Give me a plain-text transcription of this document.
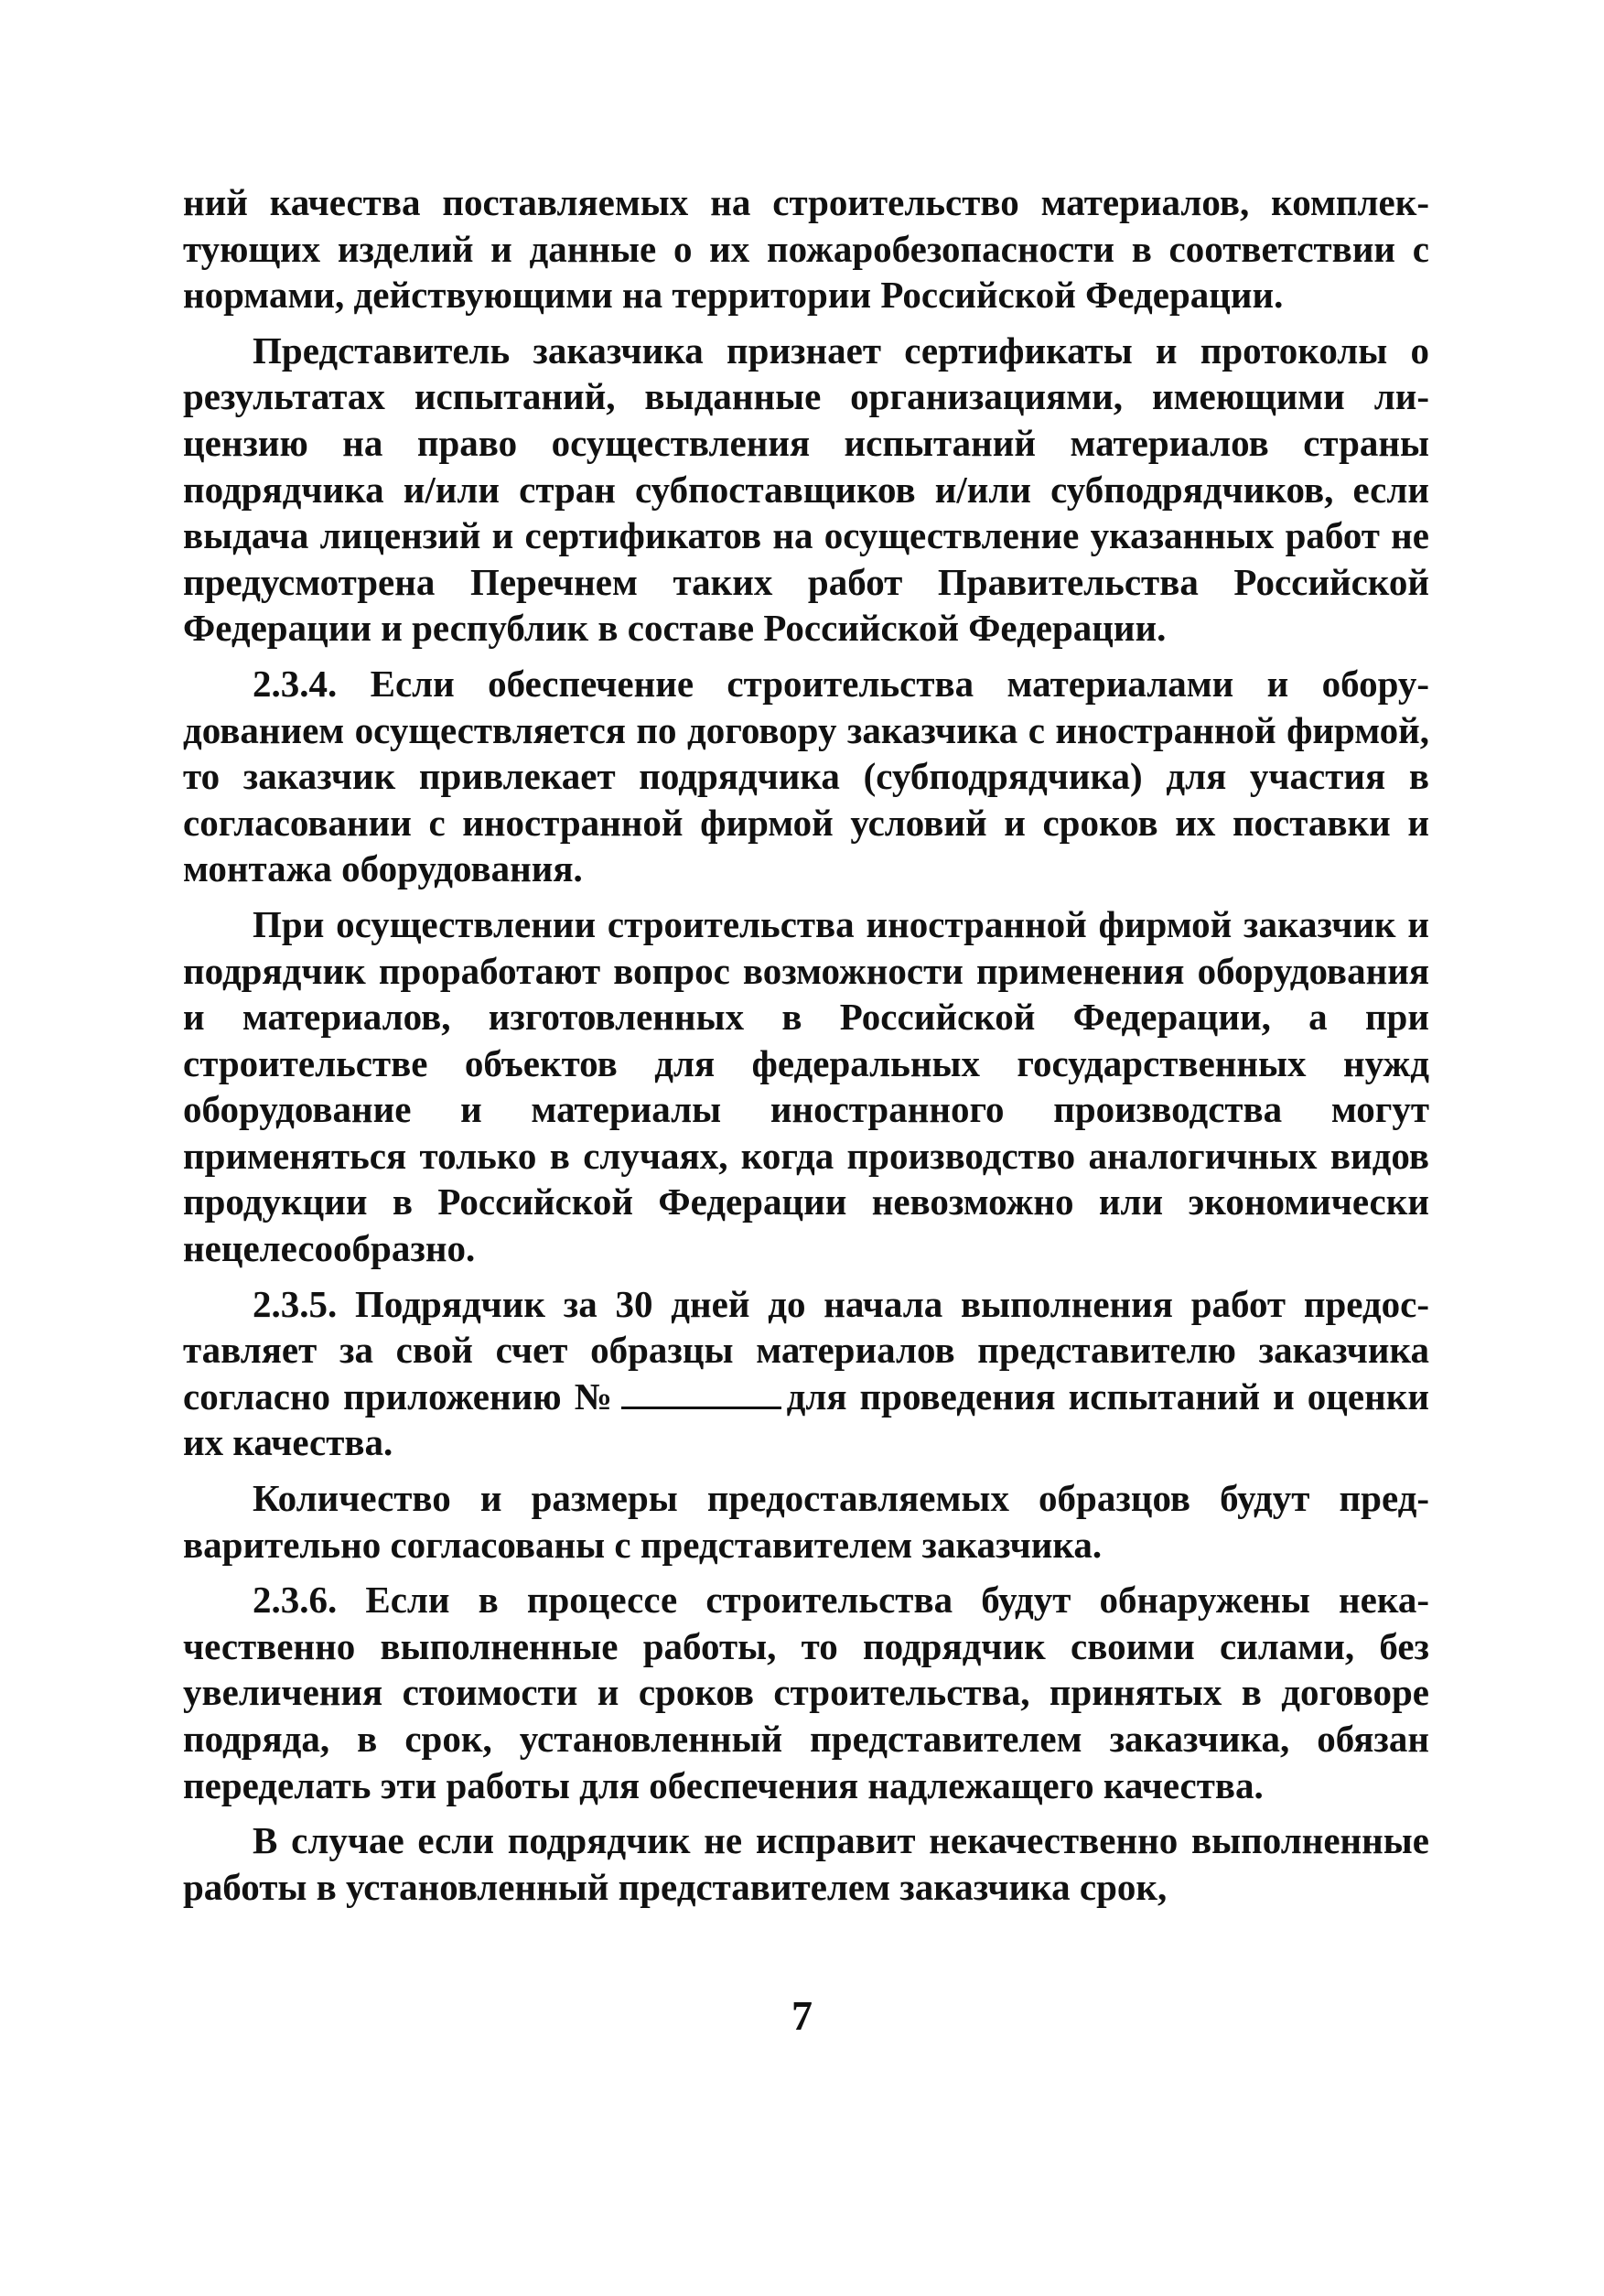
ний качества поставляемых на строительство материалов, комплектующих изделий и данные о их пожаробезопасности в соответствии с нормами, действующими на территории Российской Федерации.

Представитель заказчика признает сертификаты и протоколы о результатах испытаний, выданные организациями, имеющими лицензию на право осуществления испытаний материалов страны подрядчика и/или стран субпоставщиков и/или субподрядчиков, если выдача лицензий и сертификатов на осуществление указанных работ не предусмотрена Перечнем таких работ Правительства Российской Федерации и республик в составе Российской Федерации.

2.3.4. Если обеспечение строительства материалами и оборудованием осуществляется по договору заказчика с иностранной фирмой, то заказчик привлекает подрядчика (субподрядчика) для участия в согласовании с иностранной фирмой условий и сроков их поставки и монтажа оборудования.

При осуществлении строительства иностранной фирмой заказчик и подрядчик проработают вопрос возможности применения оборудования и материалов, изготовленных в Российской Федерации, а при строительстве объектов для федеральных государственных нужд оборудование и материалы иностранного производства могут применяться только в случаях, когда производство аналогичных видов продукции в Российской Федерации невозможно или экономически нецелесообразно.

2.3.5. Подрядчик за 30 дней до начала выполнения работ предоставляет за свой счет образцы материалов представителю заказчика согласно приложению №	для проведения испытаний и оценки их качества.

Количество и размеры предоставляемых образцов будут предварительно согласованы с представителем заказчика.

2.3.6. Если в процессе строительства будут обнаружены некачественно выполненные работы, то подрядчик своими силами, без увеличения стоимости и сроков строительства, принятых в договоре подряда, в срок, установленный представителем заказчика, обязан переделать эти работы для обеспечения надлежащего качества.

В случае если подрядчик не исправит некачественно выполненные работы в установленный представителем заказчика срок,

7
